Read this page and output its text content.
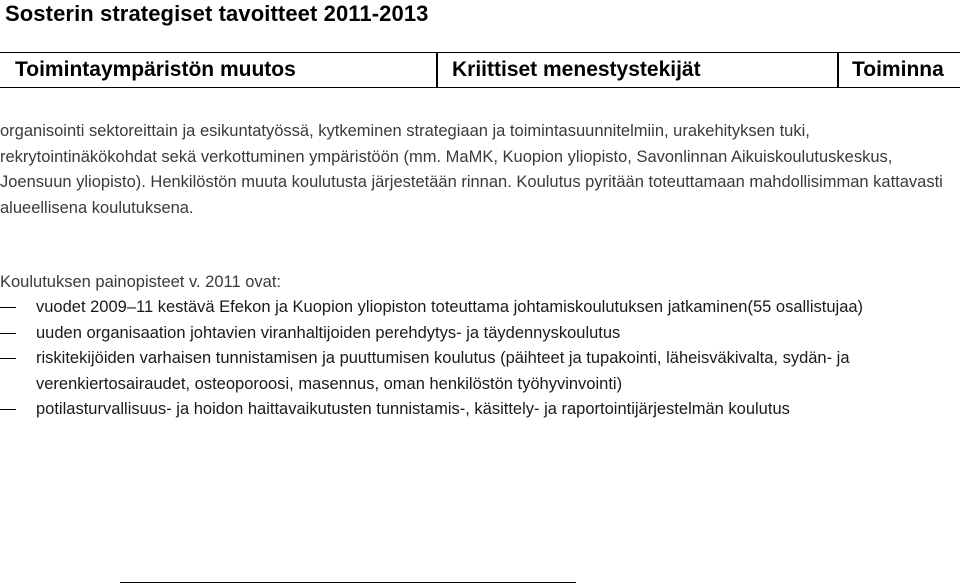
Sosterin strategiset tavoitteet 2011-2013
Toimintaympäristön muutos	Kriittiset menestystekijät	Toiminna

organisointi sektoreittain ja esikuntatyössä, kytkeminen strategiaan ja toimintasuunnitelmiin, urakehityksen tuki, rekrytointinäkökohdat sekä verkottuminen ympäristöön (mm. MaMK, Kuopion yliopisto, Savonlinnan Aikuiskoulutuskeskus, Joensuun yliopisto). Henkilöstön muuta koulutusta järjestetään rinnan. Koulutus pyritään toteuttamaan mahdollisimman kattavasti alueellisena koulutuksena.

Koulutuksen painopisteet v. 2011 ovat:

vuodet 2009–11 kestävä Efekon ja Kuopion yliopiston toteuttama johtamiskoulutuksen jatkaminen(55 osallistujaa)
uuden organisaation johtavien viranhaltijoiden perehdytys- ja täydennyskoulutus
riskitekijöiden varhaisen tunnistamisen ja puuttumisen koulutus (päihteet ja tupakointi, läheisväkivalta, sydän- ja verenkiertosairaudet, osteoporoosi, masennus, oman henkilöstön työhyvinvointi)
potilasturvallisuus- ja hoidon haittavaikutusten tunnistamis-, käsittely- ja raportointijärjestelmän koulutus
